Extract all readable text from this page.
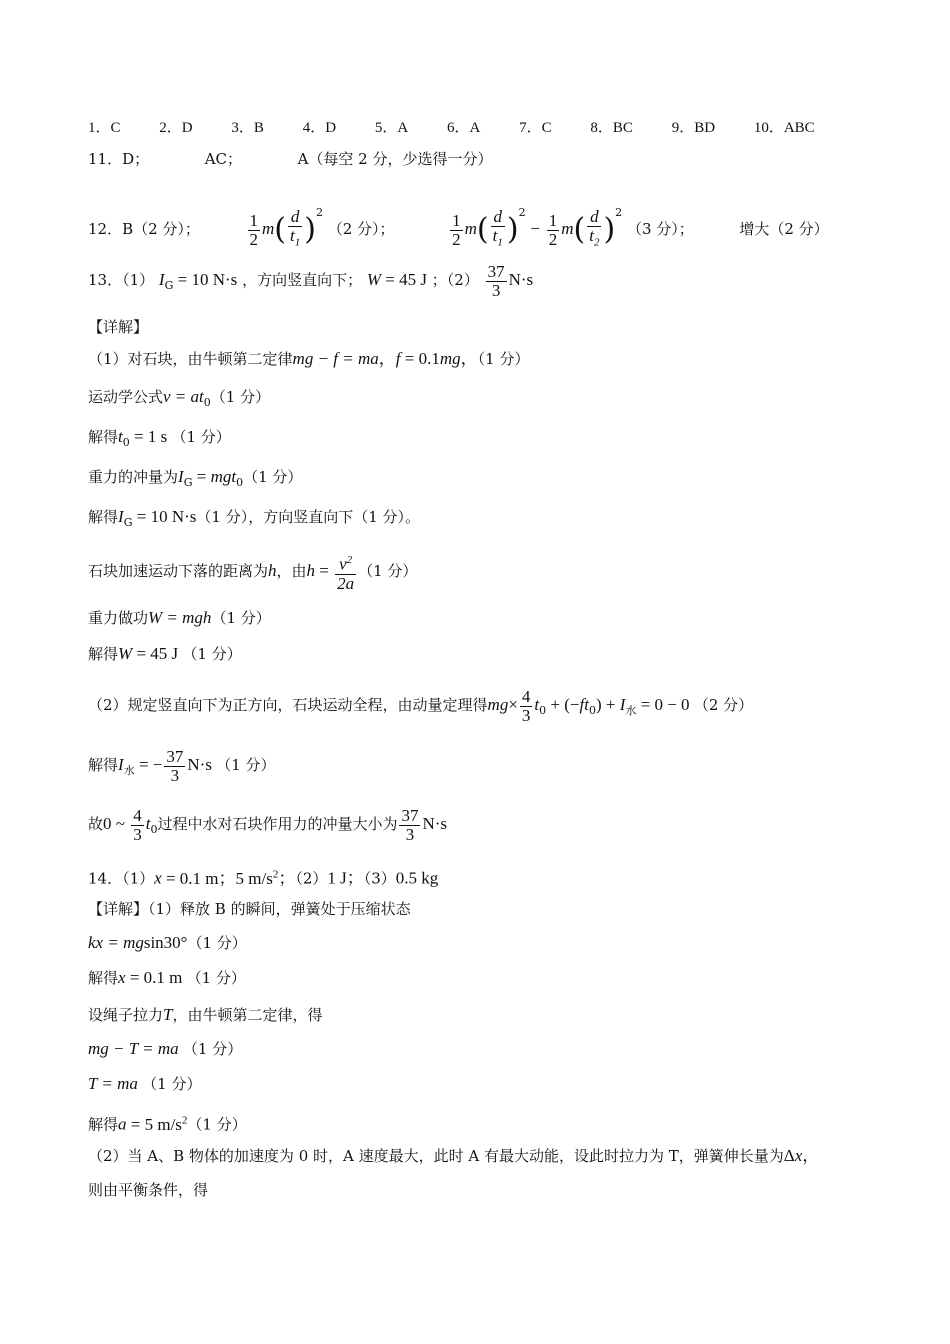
1．C	2．D	3．B	4．D	5．A	6．A	7．C	8．BC	9．BD	10．ABC
11．D；	AC；	A（每空 2 分，少选得一分）
12．B（2 分）；	$\frac{1}{2} m( \frac{d}{t_1} )^2$ （2 分）；	$\frac{1}{2} m( \frac{d}{t_1} )^2 - \frac{1}{2} m( \frac{d}{t_2} )^2$ （3 分）；	增大（2 分）
13．（1） $I_G = 10$ N·s ，方向竖直向下； W = 45 J ；$(2) \frac{37}{3} N\cdot s$
【详解】
（1）对石块，由牛顿第二定律mg − f = ma，f = 0.1mg，（1 分）
运动学公式$v = at_0(1$ 分）
解得$t_0 = 1$ s （1 分）
重力的冲量为$I_G = mgt_0(1$ 分）
解得$I_G = 10$ N·s（1 分），方向竖直向下（1 分）。
石块加速运动下落的距离为h，由$h = \frac{v^2}{2a} (1$ 分）
重力做功W = mgh（1 分）
解得W = 45 J （1 分）
（2）规定竖直向下为正方向，石块运动全程，由动量定理得$mg\times \frac{4}{3} t_0 + (-ft_0) + I_水 = 0 - 0$ （2 分）
解得$I_水$ = − $\frac{37}{3} N\cdot s$ （1 分）
故0 ~ $\frac{4}{3} t_0$过程中水对石块作用力的冲量大小为 $\frac{37}{3} N\cdot s$
14．（1）x = 0.1 m；5 $m/s^2$；（2）1 J；（3）0.5 kg
【详解】（1）释放 B 的瞬间，弹簧处于压缩状态
kx = mgsin30°（1 分）
解得x = 0.1 m （1 分）
设绳子拉力T，由牛顿第二定律，得
mg − T = ma （1 分）
T = ma （1 分）
解得a = 5 $m/s^2(1$ 分）
（2）当 A、B 物体的加速度为 0 时，A 速度最大，此时 A 有最大动能，设此时拉力为 T，弹簧伸长量为Δx，
则由平衡条件，得
